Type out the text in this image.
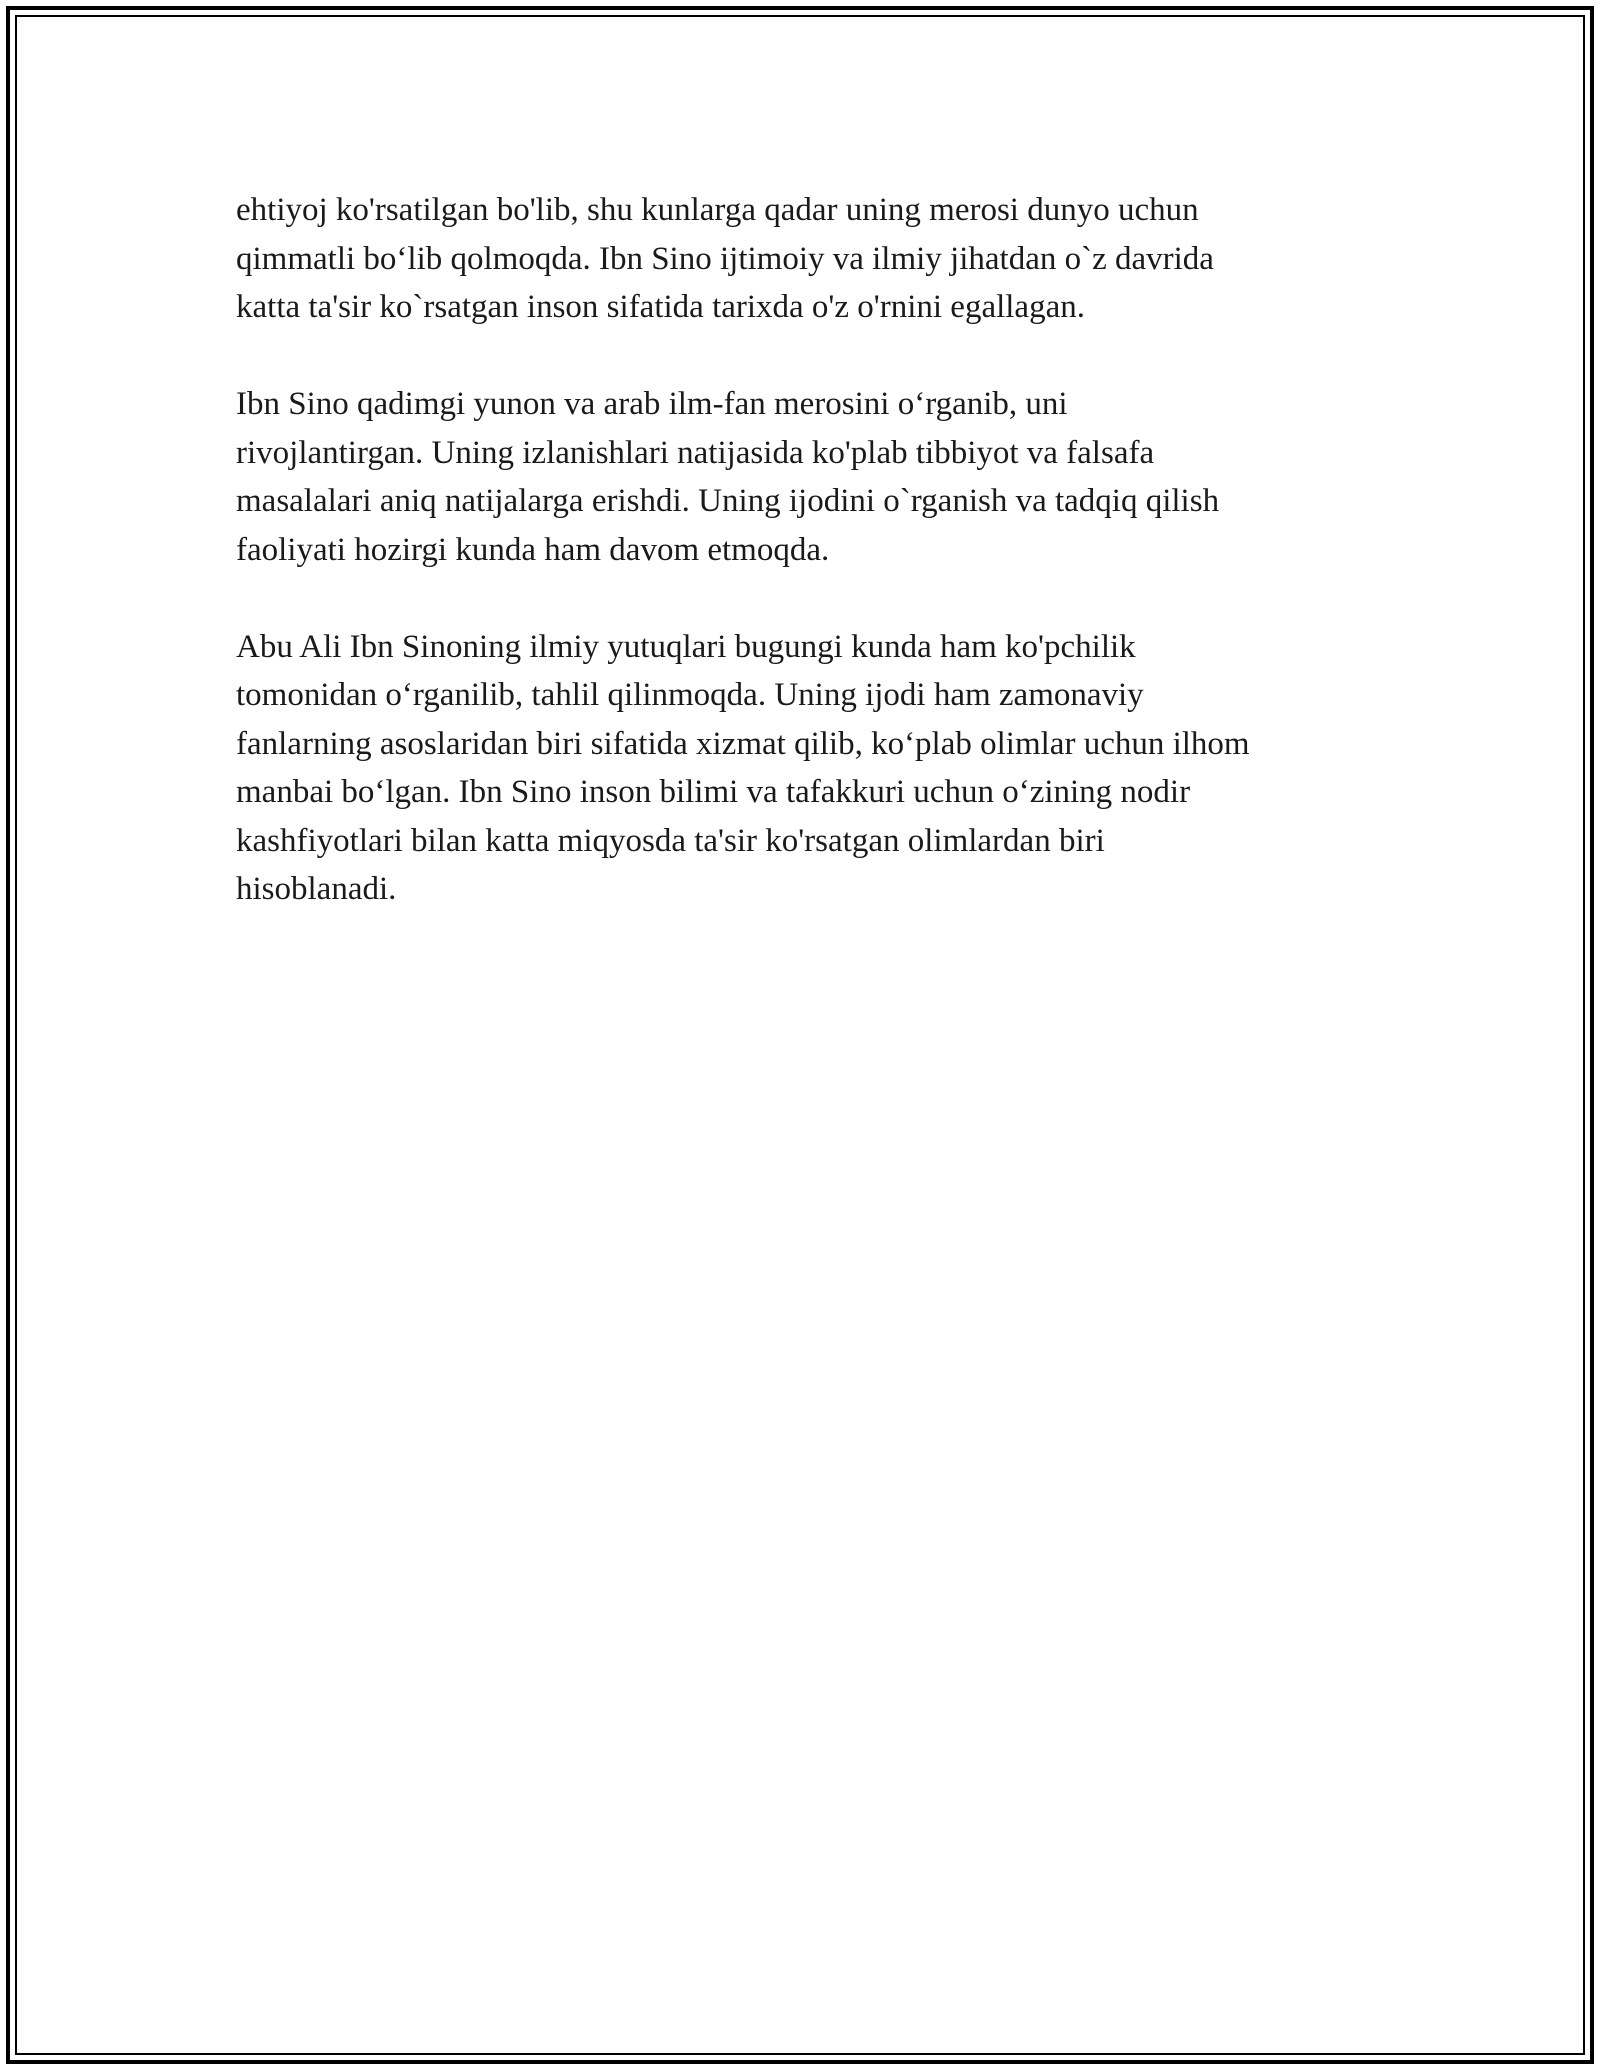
ehtiyoj ko'rsatilgan bo'lib, shu kunlarga qadar uning merosi dunyo uchun
qimmatli boʻlib qolmoqda. Ibn Sino ijtimoiy va ilmiy jihatdan o`z davrida
katta ta'sir ko`rsatgan inson sifatida tarixda o'z o'rnini egallagan.

Ibn Sino qadimgi yunon va arab ilm-fan merosini oʻrganib, uni
rivojlantirgan. Uning izlanishlari natijasida ko'plab tibbiyot va falsafa
masalalari aniq natijalarga erishdi. Uning ijodini o`rganish va tadqiq qilish
faoliyati hozirgi kunda ham davom etmoqda.

Abu Ali Ibn Sinoning ilmiy yutuqlari bugungi kunda ham ko'pchilik
tomonidan oʻrganilib, tahlil qilinmoqda. Uning ijodi ham zamonaviy
fanlarning asoslaridan biri sifatida xizmat qilib, koʻplab olimlar uchun ilhom
manbai boʻlgan. Ibn Sino inson bilimi va tafakkuri uchun oʻzining nodir
kashfiyotlari bilan katta miqyosda ta'sir ko'rsatgan olimlardan biri
hisoblanadi.
